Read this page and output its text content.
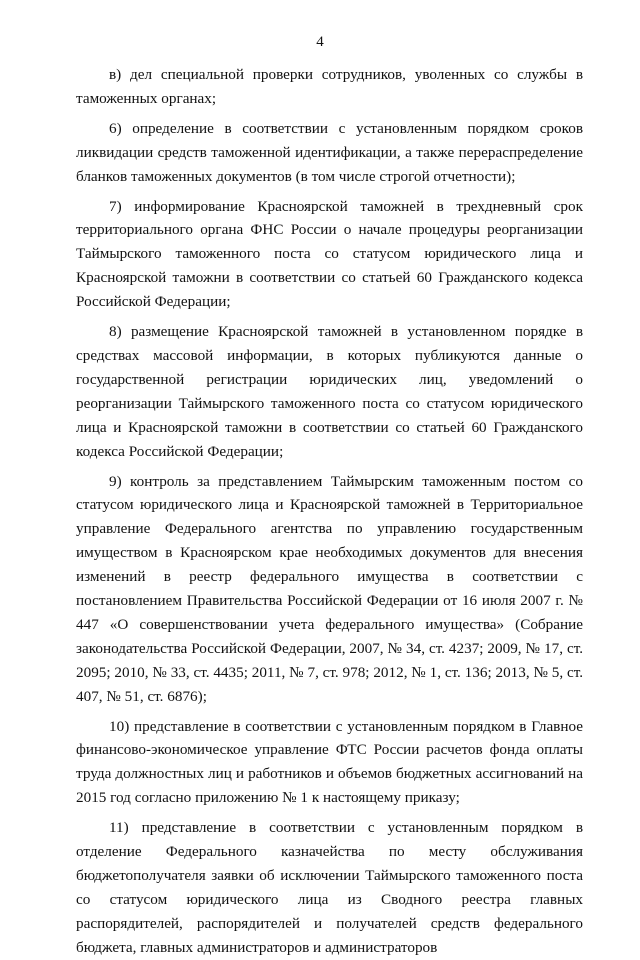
4

в) дел специальной проверки сотрудников, уволенных со службы в таможенных органах;

6) определение в соответствии с установленным порядком сроков ликвидации средств таможенной идентификации, а также перераспределение бланков таможенных документов (в том числе строгой отчетности);

7) информирование Красноярской таможней в трехдневный срок территориального органа ФНС России о начале процедуры реорганизации Таймырского таможенного поста со статусом юридического лица и Красноярской таможни в соответствии со статьей 60 Гражданского кодекса Российской Федерации;

8) размещение Красноярской таможней в установленном порядке в средствах массовой информации, в которых публикуются данные о государственной регистрации юридических лиц, уведомлений о реорганизации Таймырского таможенного поста со статусом юридического лица и Красноярской таможни в соответствии со статьей 60 Гражданского кодекса Российской Федерации;

9) контроль за представлением Таймырским таможенным постом со статусом юридического лица и Красноярской таможней в Территориальное управление Федерального агентства по управлению государственным имуществом в Красноярском крае необходимых документов для внесения изменений в реестр федерального имущества в соответствии с постановлением Правительства Российской Федерации от 16 июля 2007 г. № 447 «О совершенствовании учета федерального имущества» (Собрание законодательства Российской Федерации, 2007, № 34, ст. 4237; 2009, № 17, ст. 2095; 2010, № 33, ст. 4435; 2011, № 7, ст. 978; 2012, № 1, ст. 136; 2013, № 5, ст. 407, № 51, ст. 6876);

10) представление в соответствии с установленным порядком в Главное финансово-экономическое управление ФТС России расчетов фонда оплаты труда должностных лиц и работников и объемов бюджетных ассигнований на 2015 год согласно приложению № 1 к настоящему приказу;

11) представление в соответствии с установленным порядком в отделение Федерального казначейства по месту обслуживания бюджетополучателя заявки об исключении Таймырского таможенного поста со статусом юридического лица из Сводного реестра главных распорядителей, распорядителей и получателей средств федерального бюджета, главных администраторов и администраторов
